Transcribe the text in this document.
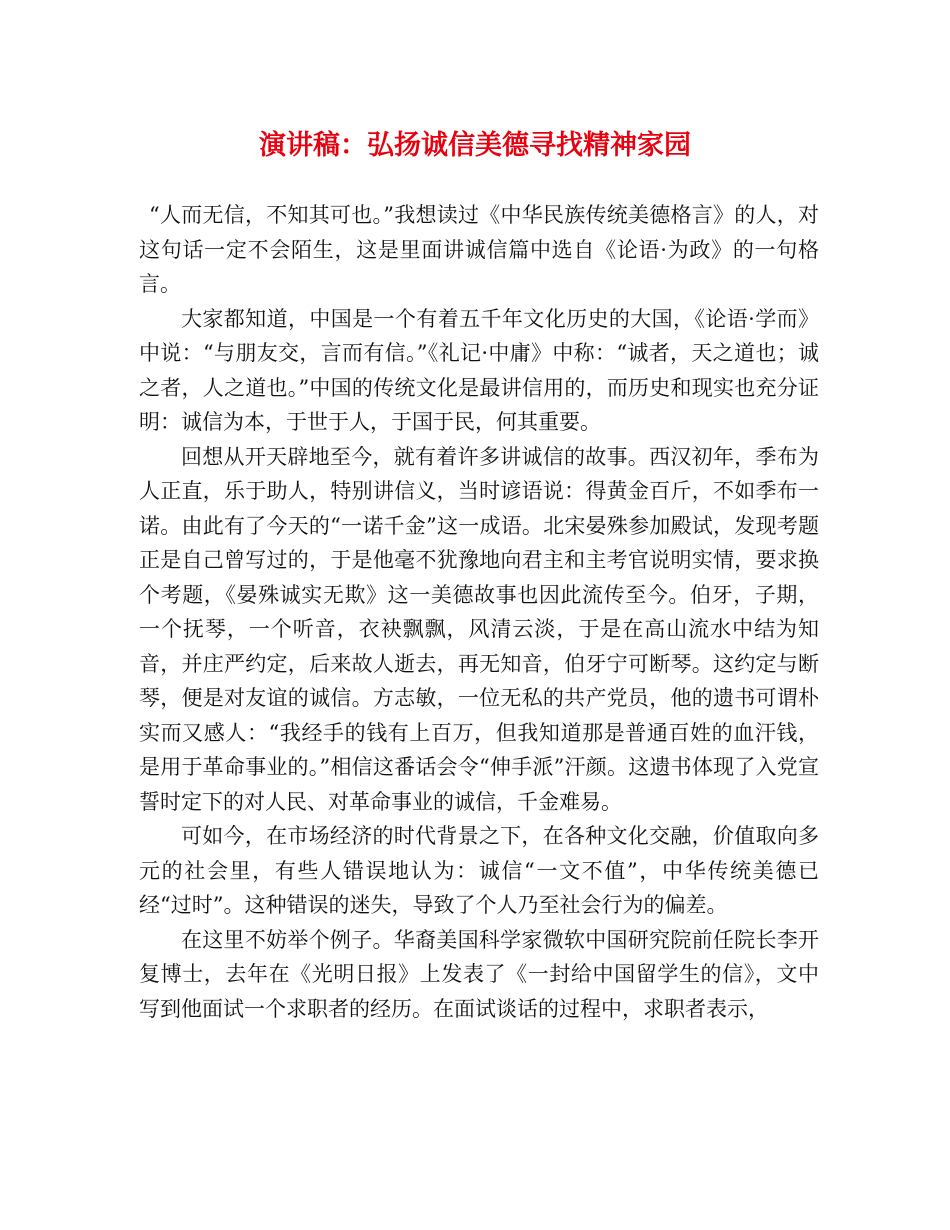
演讲稿：弘扬诚信美德寻找精神家园

“人而无信，不知其可也。”我想读过《中华民族传统美德格言》的人，对这句话一定不会陌生，这是里面讲诚信篇中选自《论语·为政》的一句格言。

大家都知道，中国是一个有着五千年文化历史的大国，《论语·学而》中说：“与朋友交，言而有信。”《礼记·中庸》中称：“诚者，天之道也；诚之者，人之道也。”中国的传统文化是最讲信用的，而历史和现实也充分证明：诚信为本，于世于人，于国于民，何其重要。

回想从开天辟地至今，就有着许多讲诚信的故事。西汉初年，季布为人正直，乐于助人，特别讲信义，当时谚语说：得黄金百斤，不如季布一诺。由此有了今天的“一诺千金”这一成语。北宋晏殊参加殿试，发现考题正是自己曾写过的，于是他毫不犹豫地向君主和主考官说明实情，要求换个考题，《晏殊诚实无欺》这一美德故事也因此流传至今。伯牙，子期，一个抚琴，一个听音，衣袂飘飘，风清云淡，于是在高山流水中结为知音，并庄严约定，后来故人逝去，再无知音，伯牙宁可断琴。这约定与断琴，便是对友谊的诚信。方志敏，一位无私的共产党员，他的遗书可谓朴实而又感人：“我经手的钱有上百万，但我知道那是普通百姓的血汗钱，是用于革命事业的。”相信这番话会令“伸手派”汗颜。这遗书体现了入党宣誓时定下的对人民、对革命事业的诚信，千金难易。

可如今，在市场经济的时代背景之下，在各种文化交融，价值取向多元的社会里，有些人错误地认为：诚信“一文不值”，中华传统美德已经“过时”。这种错误的迷失，导致了个人乃至社会行为的偏差。

在这里不妨举个例子。华裔美国科学家微软中国研究院前任院长李开复博士，去年在《光明日报》上发表了《一封给中国留学生的信》，文中写到他面试一个求职者的经历。在面试谈话的过程中，求职者表示，
